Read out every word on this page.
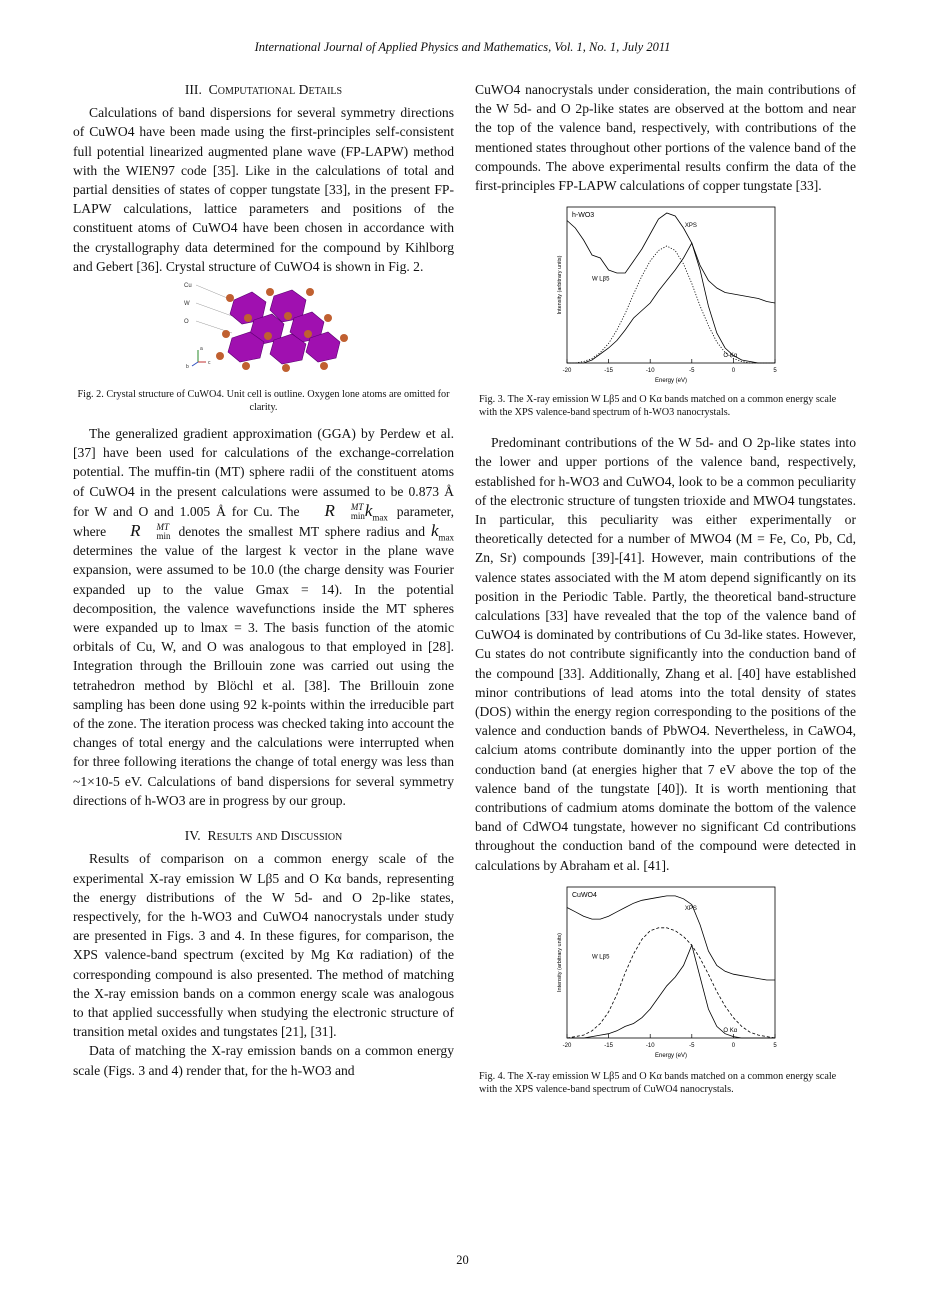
International Journal of Applied Physics and Mathematics, Vol. 1, No. 1, July 2011
III. Computational Details

Calculations of band dispersions for several symmetry directions of CuWO4 have been made using the first-principles self-consistent full potential linearized augmented plane wave (FP-LAPW) method with the WIEN97 code [35]. Like in the calculations of total and partial densities of states of copper tungstate [33], in the present FP-LAPW calculations, lattice parameters and positions of the constituent atoms of CuWO4 have been chosen in accordance with the crystallography data determined for the compound by Kihlborg and Gebert [36]. Crystal structure of CuWO4 is shown in Fig. 2.

Cu
W
O
a
b
c
Fig. 2. Crystal structure of CuWO4. Unit cell is outline. Oxygen lone atoms are omitted for clarity.

The generalized gradient approximation (GGA) by Perdew et al. [37] have been used for calculations of the exchange-correlation potential. The muffin-tin (MT) sphere radii of the constituent atoms of CuWO4 in the present calculations were assumed to be 0.873 Å for W and O and 1.005 Å for Cu. The R	MT
$\min k_{max}$ parameter, where R	MT
min denotes the smallest MT sphere radius and $k_{max}$ determines the value of the largest k vector in the plane wave expansion, were assumed to be 10.0 (the charge density was Fourier expanded up to the value Gmax = 14). In the potential decomposition, the valence wavefunctions inside the MT spheres were expanded up to lmax = 3. The basis function of the atomic orbitals of Cu, W, and O was analogous to that employed in [28]. Integration through the Brillouin zone was carried out using the tetrahedron method by Blöchl et al. [38]. The Brillouin zone sampling has been done using 92 k-points within the irreducible part of the zone. The iteration process was checked taking into account the changes of total energy and the calculations were interrupted when for three following iterations the change of total energy was less than ~1×10-5 eV. Calculations of band dispersions for several symmetry directions of h-WO3 are in progress by our group.

IV. Results and Discussion

Results of comparison on a common energy scale of the experimental X-ray emission W Lβ5 and O Kα bands, representing the energy distributions of the W 5d- and O 2p-like states, respectively, for the h-WO3 and CuWO4 nanocrystals under study are presented in Figs. 3 and 4. In these figures, for comparison, the XPS valence-band spectrum (excited by Mg Kα radiation) of the corresponding compound is also presented. The method of matching the X-ray emission bands on a common energy scale was analogous to that applied successfully when studying the electronic structure of transition metal oxides and tungstates [21], [31].

Data of matching the X-ray emission bands on a common energy scale (Figs. 3 and 4) render that, for the h-WO3 and

CuWO4 nanocrystals under consideration, the main contributions of the W 5d- and O 2p-like states are observed at the bottom and near the top of the valence band, respectively, with contributions of the mentioned states throughout other portions of the valence band of the compounds. The above experimental results confirm the data of the first-principles FP-LAPW calculations of copper tungstate [33].

-20	-15	-10	-5	0	5
Energy (eV)
Intensity (arbitrary units)
h-WO3
XPS
W Lβ5
O Kα
Fig. 3. The X-ray emission W Lβ5 and O Kα bands matched on a common energy scale with the XPS valence-band spectrum of h-WO3 nanocrystals.

Predominant contributions of the W 5d- and O 2p-like states into the lower and upper portions of the valence band, respectively, established for h-WO3 and CuWO4, look to be a common peculiarity of the electronic structure of tungsten trioxide and MWO4 tungstates. In particular, this peculiarity was either experimentally or theoretically detected for a number of MWO4 (M = Fe, Co, Pb, Cd, Zn, Sr) compounds [39]-[41]. However, main contributions of the valence states associated with the M atom depend significantly on its position in the Periodic Table. Partly, the theoretical band-structure calculations [33] have revealed that the top of the valence band of CuWO4 is dominated by contributions of Cu 3d-like states. However, Cu states do not contribute significantly into the conduction band of the compound [33]. Additionally, Zhang et al. [40] have established minor contributions of lead atoms into the total density of states (DOS) within the energy region corresponding to the positions of the valence and conduction bands of PbWO4. Nevertheless, in CaWO4, calcium atoms contribute dominantly into the upper portion of the conduction band (at energies higher that 7 eV above the top of the valence band of the tungstate [40]). It is worth mentioning that contributions of cadmium atoms dominate the bottom of the valence band of CdWO4 tungstate, however no significant Cd contributions throughout the conduction band of the compound were detected in calculations by Abraham et al. [41].

-20	-15	-10	-5	0	5
Energy (eV)
Intensity (arbitrary units)
CuWO4
XPS
W Lβ5
O Kα
Fig. 4. The X-ray emission W Lβ5 and O Kα bands matched on a common energy scale with the XPS valence-band spectrum of CuWO4 nanocrystals.
20
